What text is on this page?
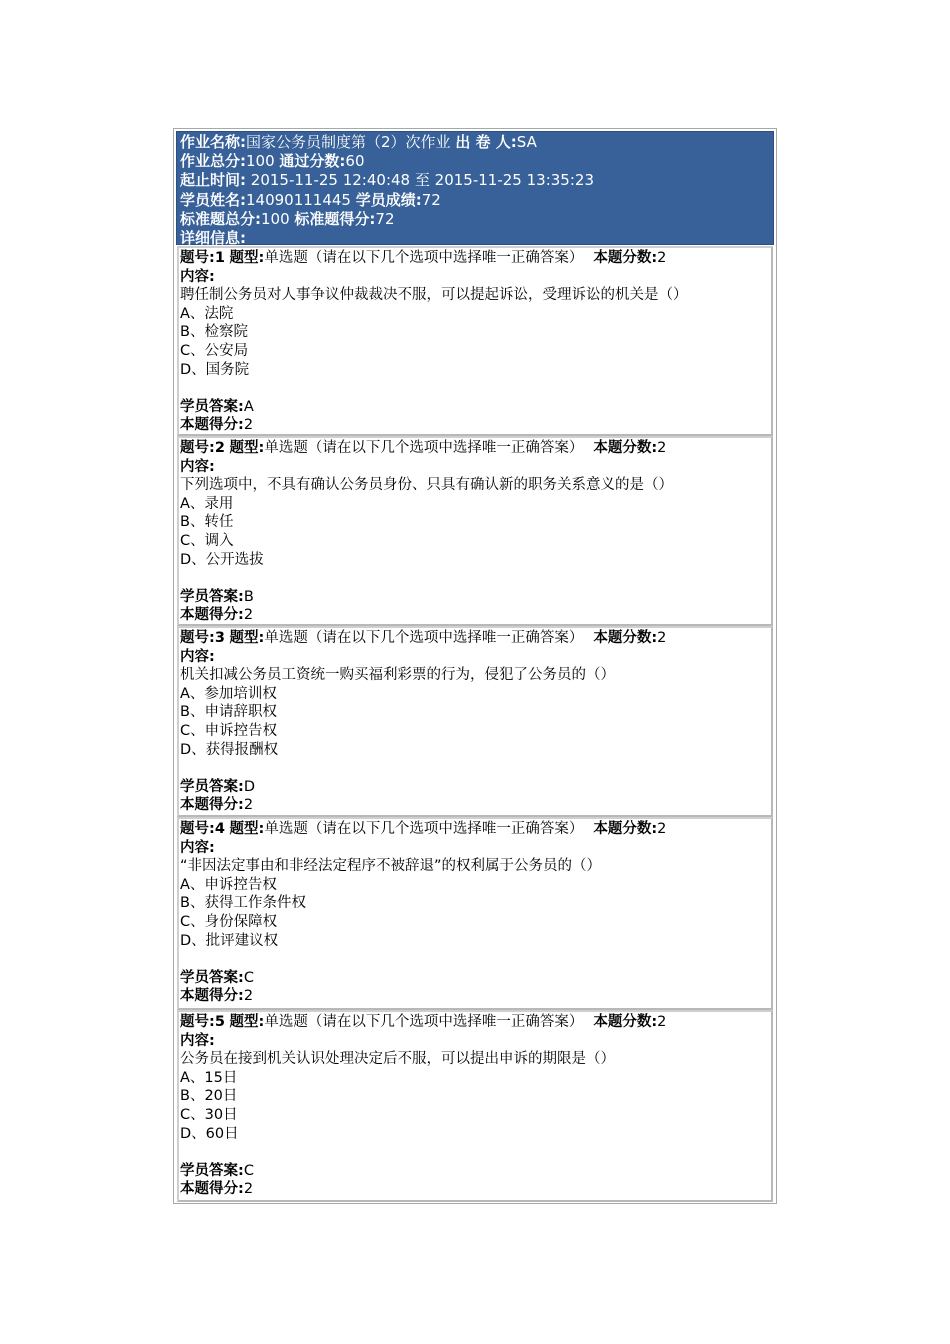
作业名称:国家公务员制度第（2）次作业 出 卷 人:SA
作业总分:100 通过分数:60
起止时间: 2015-11-25 12:40:48 至 2015-11-25 13:35:23
学员姓名:14090111445 学员成绩:72
标准题总分:100 标准题得分:72
详细信息:
题号:1 题型:单选题（请在以下几个选项中选择唯一正确答案） 本题分数:2
内容:
聘任制公务员对人事争议仲裁裁决不服，可以提起诉讼，受理诉讼的机关是（）
A、法院
B、检察院
C、公安局
D、国务院
学员答案:A
本题得分:2
题号:2 题型:单选题（请在以下几个选项中选择唯一正确答案） 本题分数:2
内容:
下列选项中，不具有确认公务员身份、只具有确认新的职务关系意义的是（）
A、录用
B、转任
C、调入
D、公开选拔
学员答案:B
本题得分:2
题号:3 题型:单选题（请在以下几个选项中选择唯一正确答案） 本题分数:2
内容:
机关扣减公务员工资统一购买福利彩票的行为，侵犯了公务员的（）
A、参加培训权
B、申请辞职权
C、申诉控告权
D、获得报酬权
学员答案:D
本题得分:2
题号:4 题型:单选题（请在以下几个选项中选择唯一正确答案） 本题分数:2
内容:
“非因法定事由和非经法定程序不被辞退”的权利属于公务员的（）
A、申诉控告权
B、获得工作条件权
C、身份保障权
D、批评建议权
学员答案:C
本题得分:2
题号:5 题型:单选题（请在以下几个选项中选择唯一正确答案） 本题分数:2
内容:
公务员在接到机关认识处理决定后不服，可以提出申诉的期限是（）
A、15日
B、20日
C、30日
D、60日
学员答案:C
本题得分:2
